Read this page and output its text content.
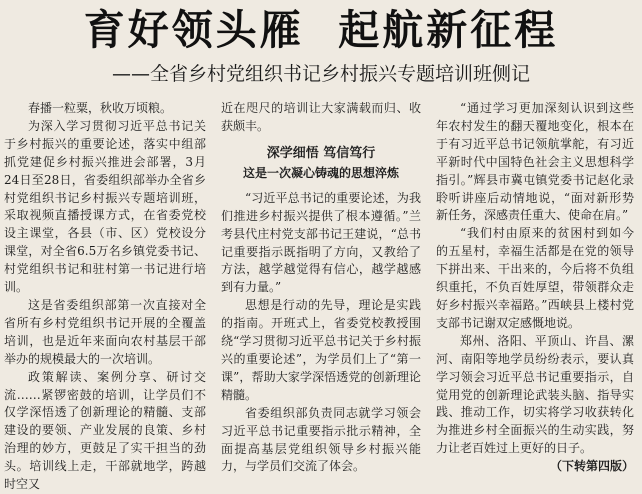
育好领头雁  起航新征程
——全省乡村党组织书记乡村振兴专题培训班侧记

春播一粒粟，秋收万顷粮。

为深入学习贯彻习近平总书记关于乡村振兴的重要论述，落实中组部抓党建促乡村振兴推进会部署，3月24日至28日，省委组织部举办全省乡村党组织书记乡村振兴专题培训班，采取视频直播授课方式，在省委党校设主课堂，各县（市、区）党校设分课堂，对全省6.5万名乡镇党委书记、村党组织书记和驻村第一书记进行培训。

这是省委组织部第一次直接对全省所有乡村党组织书记开展的全覆盖培训，也是近年来面向农村基层干部举办的规模最大的一次培训。

政策解读、案例分享、研讨交流……紧锣密鼓的培训，让学员们不仅学深悟透了创新理论的精髓、支部建设的要领、产业发展的良策、乡村治理的妙方，更鼓足了实干担当的劲头。培训线上走，干部就地学，跨越时空又

近在咫尺的培训让大家满载而归、收获颇丰。

深学细悟 笃信笃行
这是一次凝心铸魂的思想淬炼

“习近平总书记的重要论述，为我们推进乡村振兴提供了根本遵循。”兰考县代庄村党支部书记王建说，“总书记重要指示既指明了方向，又教给了方法，越学越觉得有信心，越学越感到有力量。”

思想是行动的先导，理论是实践的指南。开班式上，省委党校教授围绕“学习贯彻习近平总书记关于乡村振兴的重要论述”，为学员们上了“第一课”，帮助大家学深悟透党的创新理论精髓。

省委组织部负责同志就学习领会习近平总书记重要指示批示精神，全面提高基层党组织领导乡村振兴能力，与学员们交流了体会。

“通过学习更加深刻认识到这些年农村发生的翻天覆地变化，根本在于有习近平总书记领航掌舵，有习近平新时代中国特色社会主义思想科学指引。”辉县市冀屯镇党委书记赵化录聆听讲座后动情地说，“面对新形势新任务，深感责任重大、使命在肩。”

“我们村由原来的贫困村到如今的五星村，幸福生活都是在党的领导下拼出来、干出来的，今后将不负组织重托，不负百姓厚望，带领群众走好乡村振兴幸福路。”西峡县上楼村党支部书记谢双定感慨地说。

郑州、洛阳、平顶山、许昌、漯河、南阳等地学员纷纷表示，要认真学习领会习近平总书记重要指示，自觉用党的创新理论武装头脑、指导实践、推动工作，切实将学习收获转化为推进乡村全面振兴的生动实践，努力让老百姓过上更好的日子。

（下转第四版）
